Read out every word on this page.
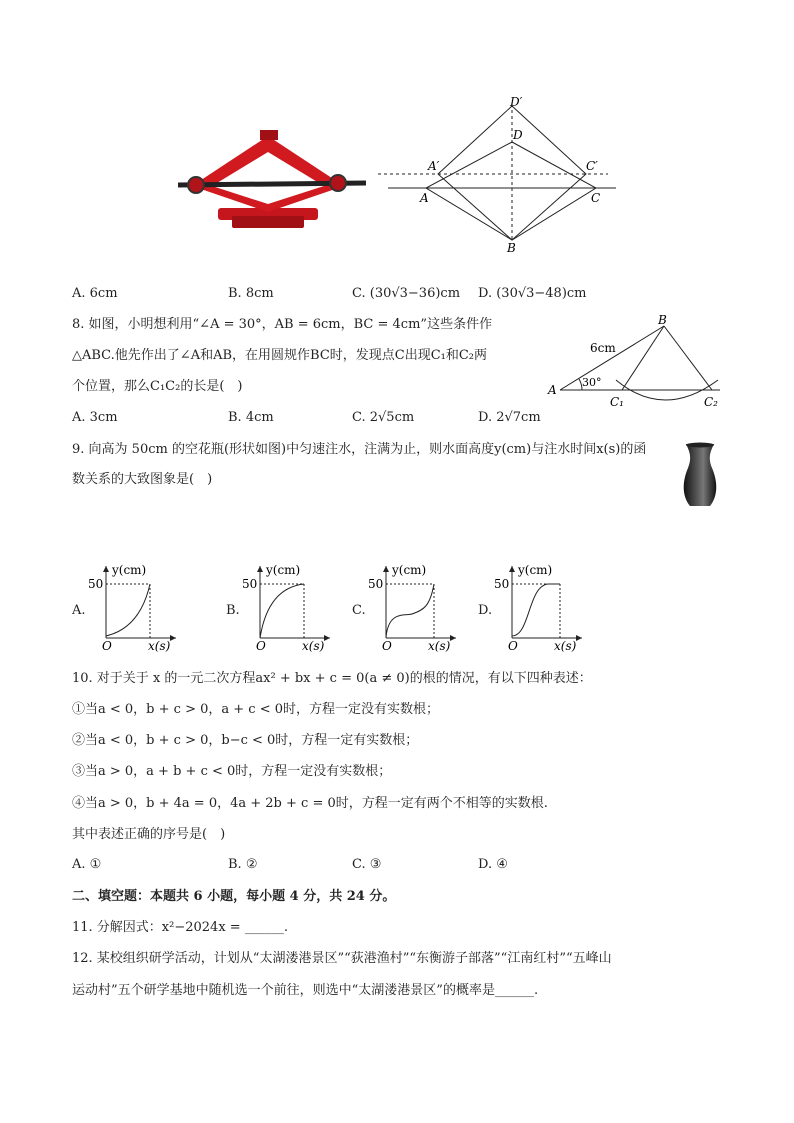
D′
D
A′	C′
A	C
B
A. 6cm	B. 8cm	C. (30√3−36)cm D. (30√3−48)cm
8. 如图，小明想利用“∠A = 30°，AB = 6cm，BC = 4cm”这些条件作
△ABC.他先作出了∠A和AB，在用圆规作BC时，发现点C出现C₁和C₂两
个位置，那么C₁C₂的长是(　)
B
6cm
30°
A
C₁	C₂
A. 3cm	B. 4cm	C. 2√5cm	D. 2√7cm
9. 向高为 50cm 的空花瓶(形状如图)中匀速注水，注满为止，则水面高度y(cm)与注水时间x(s)的函
数关系的大致图象是(　)
A.
y(cm)
50
O	x(s)
B.
y(cm)
50
O	x(s)
C.
y(cm)
50
O	x(s)
D.
y(cm)
50
O	x(s)
10. 对于关于 x 的一元二次方程ax² + bx + c = 0(a ≠ 0)的根的情况，有以下四种表述：
①当a < 0，b + c > 0，a + c < 0时，方程一定没有实数根；
②当a < 0，b + c > 0，b−c < 0时，方程一定有实数根；
③当a > 0，a + b + c < 0时，方程一定没有实数根；
④当a > 0，b + 4a = 0，4a + 2b + c = 0时，方程一定有两个不相等的实数根.
其中表述正确的序号是(　)
A. ①	B. ②	C. ③	D. ④
二、填空题：本题共 6 小题，每小题 4 分，共 24 分。
11. 分解因式：x²−2024x = ______.
12. 某校组织研学活动，计划从“太湖溇港景区”“荻港渔村”“东衡游子部落”“江南红村”“五峰山
运动村”五个研学基地中随机选一个前往，则选中“太湖溇港景区”的概率是______.
